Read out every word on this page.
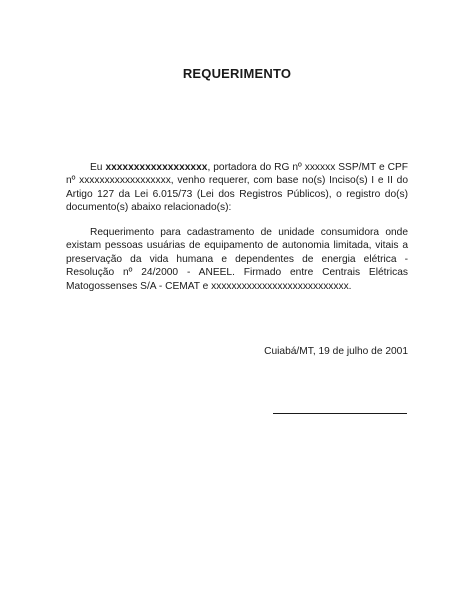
REQUERIMENTO
Eu xxxxxxxxxxxxxxxxxx, portadora do RG nº xxxxxx SSP/MT e CPF nº xxxxxxxxxxxxxxxxxx, venho requerer, com base no(s) Inciso(s) I e II do Artigo 127 da Lei 6.015/73 (Lei dos Registros Públicos), o registro do(s) documento(s) abaixo relacionado(s):
Requerimento para cadastramento de unidade consumidora onde existam pessoas usuárias de equipamento de autonomia limitada, vitais a preservação da vida humana e dependentes de energia elétrica - Resolução nº 24/2000 - ANEEL. Firmado entre Centrais Elétricas Matogossenses S/A - CEMAT e xxxxxxxxxxxxxxxxxxxxxxxxxxx.
Cuiabá/MT, 19 de julho de 2001
